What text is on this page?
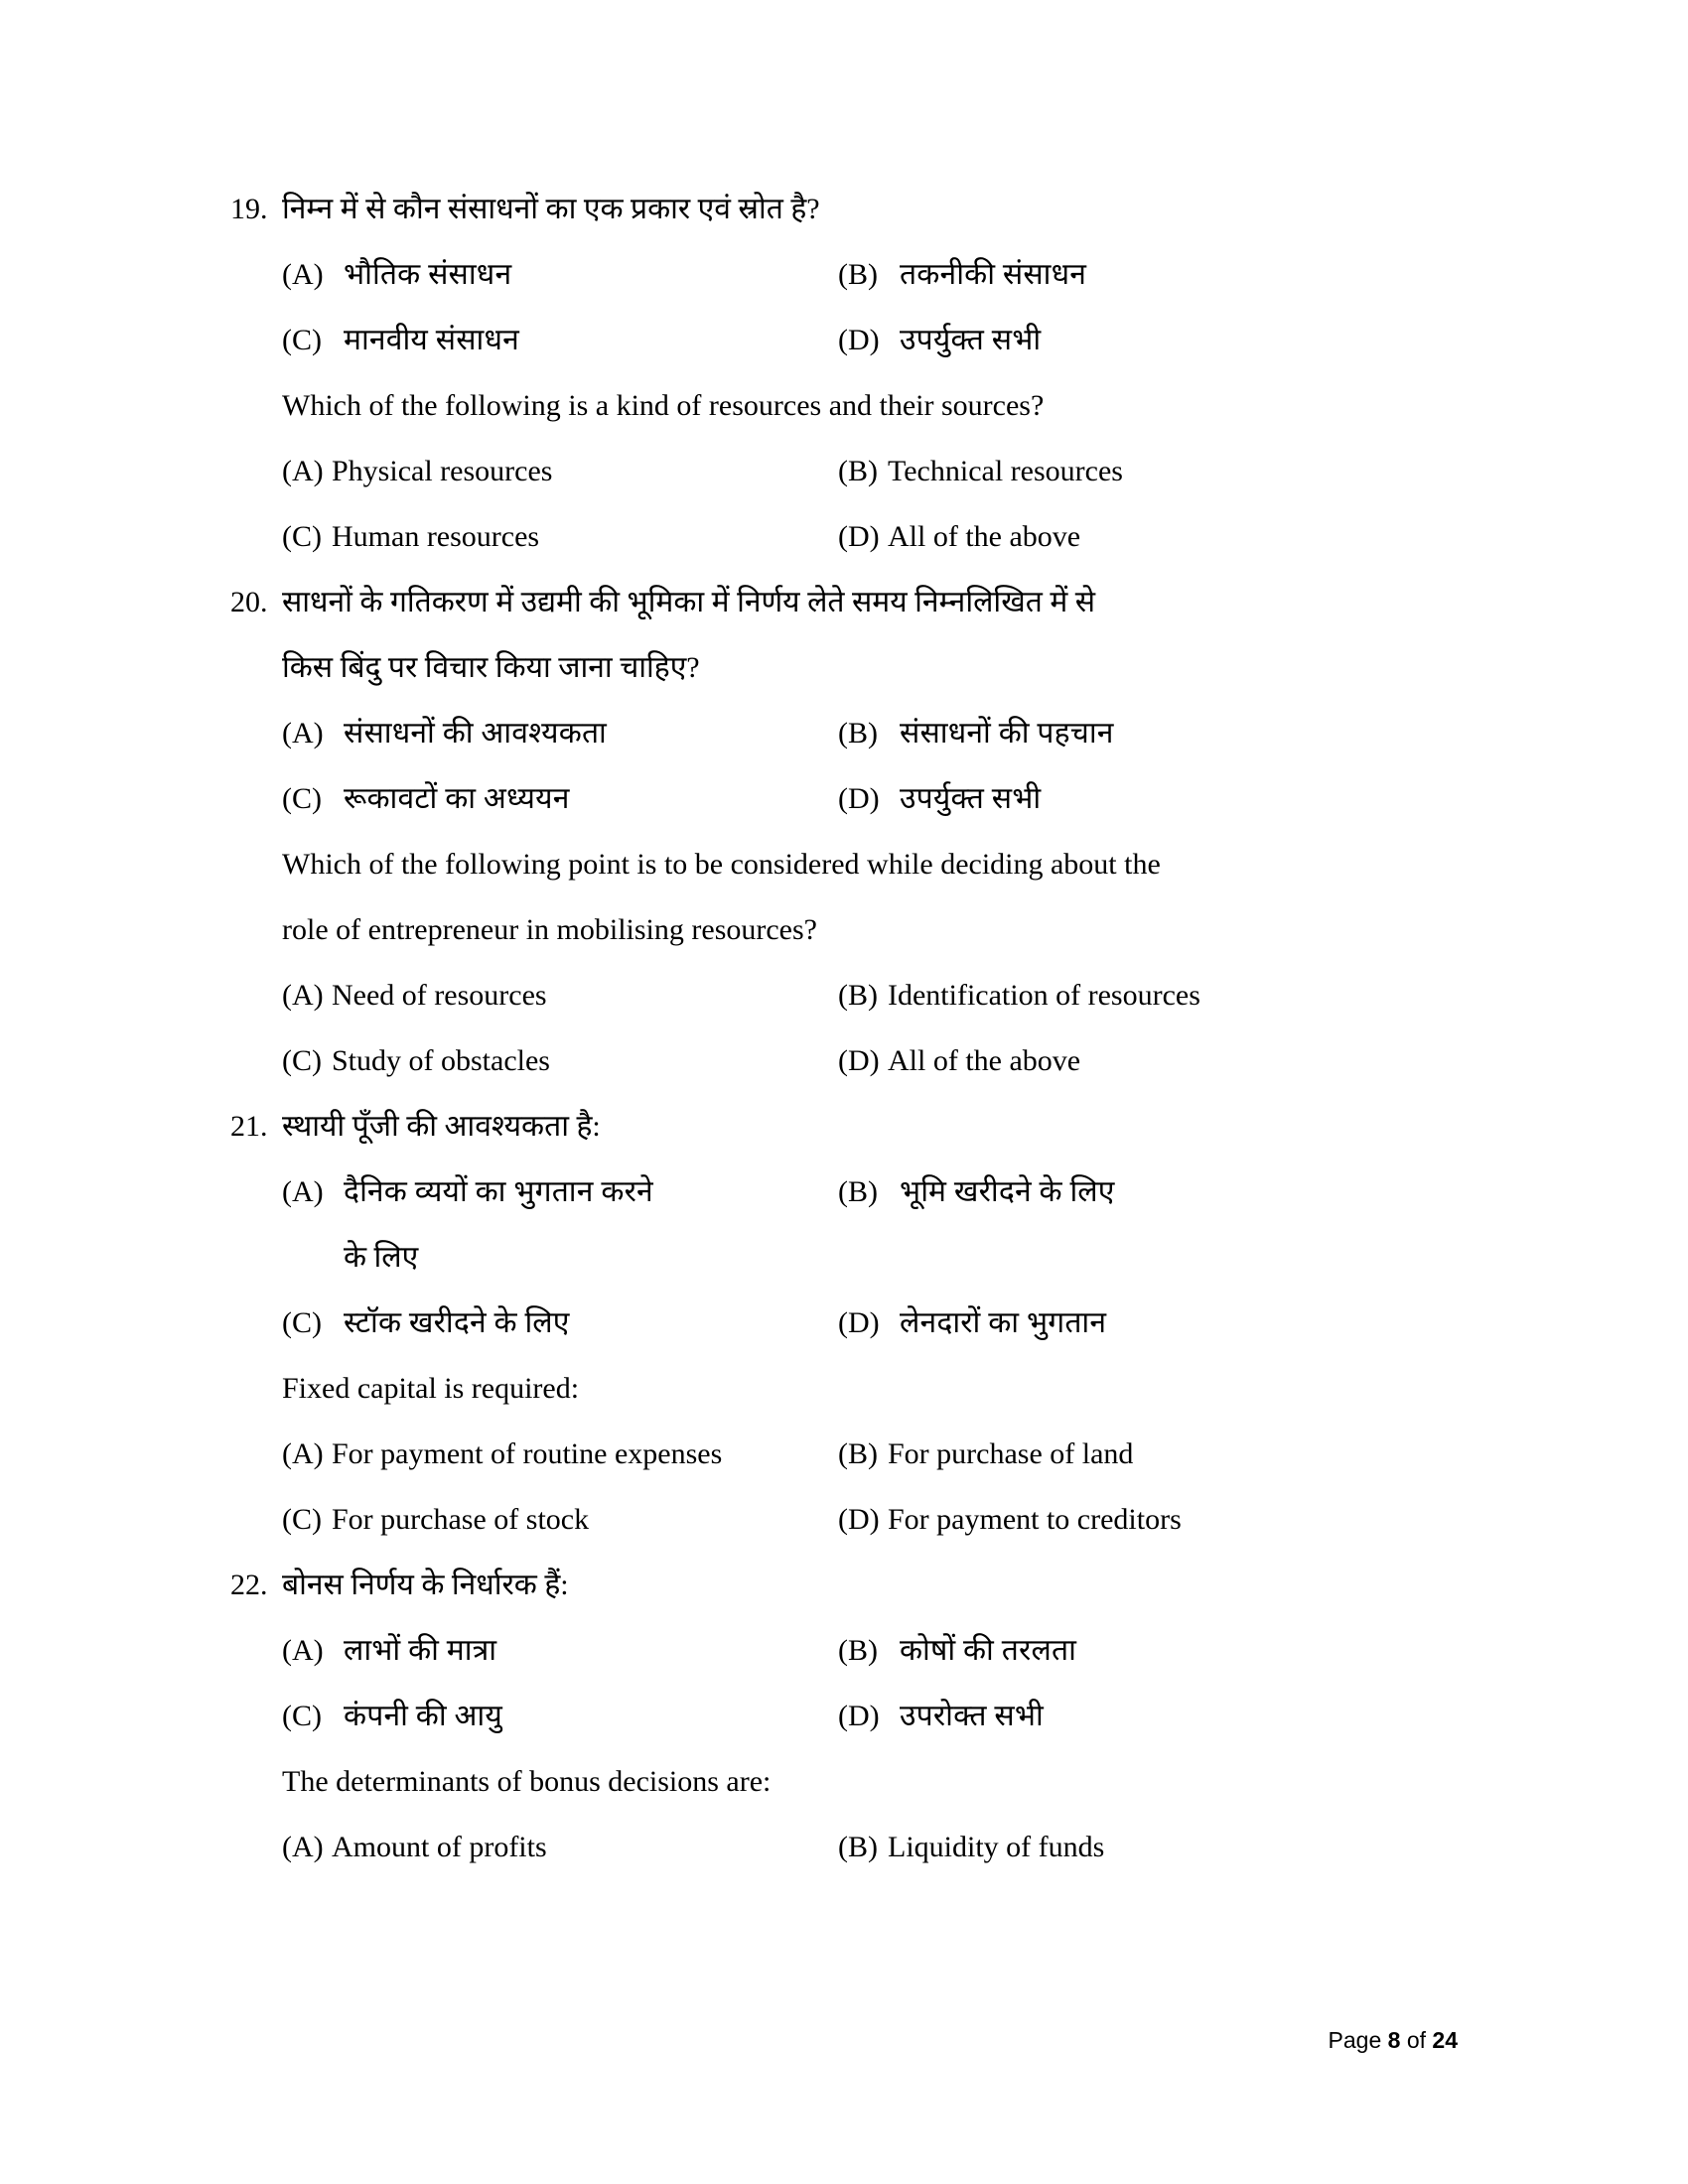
19. निम्न में से कौन संसाधनों का एक प्रकार एवं स्रोत है?
(A) भौतिक संसाधन	(B) तकनीकी संसाधन
(C) मानवीय संसाधन	(D) उपर्युक्त सभी
Which of the following is a kind of resources and their sources?
(A) Physical resources	(B) Technical resources
(C) Human resources	(D) All of the above
20. साधनों के गतिकरण में उद्यमी की भूमिका में निर्णय लेते समय निम्नलिखित में से
किस बिंदु पर विचार किया जाना चाहिए?
(A) संसाधनों की आवश्यकता	(B) संसाधनों की पहचान
(C) रूकावटों का अध्ययन	(D) उपर्युक्त सभी
Which of the following point is to be considered while deciding about the
role of entrepreneur in mobilising resources?
(A) Need of resources	(B) Identification of resources
(C) Study of obstacles	(D) All of the above
21. स्थायी पूँजी की आवश्यकता है:
(A) दैनिक व्ययों का भुगतान करने	(B) भूमि खरीदने के लिए
के लिए
(C) स्टॉक खरीदने के लिए	(D) लेनदारों का भुगतान
Fixed capital is required:
(A) For payment of routine expenses	(B) For purchase of land
(C) For purchase of stock	(D) For payment to creditors
22. बोनस निर्णय के निर्धारक हैं:
(A) लाभों की मात्रा	(B) कोषों की तरलता
(C) कंपनी की आयु	(D) उपरोक्त सभी
The determinants of bonus decisions are:
(A) Amount of profits	(B) Liquidity of funds
Page 8 of 24
